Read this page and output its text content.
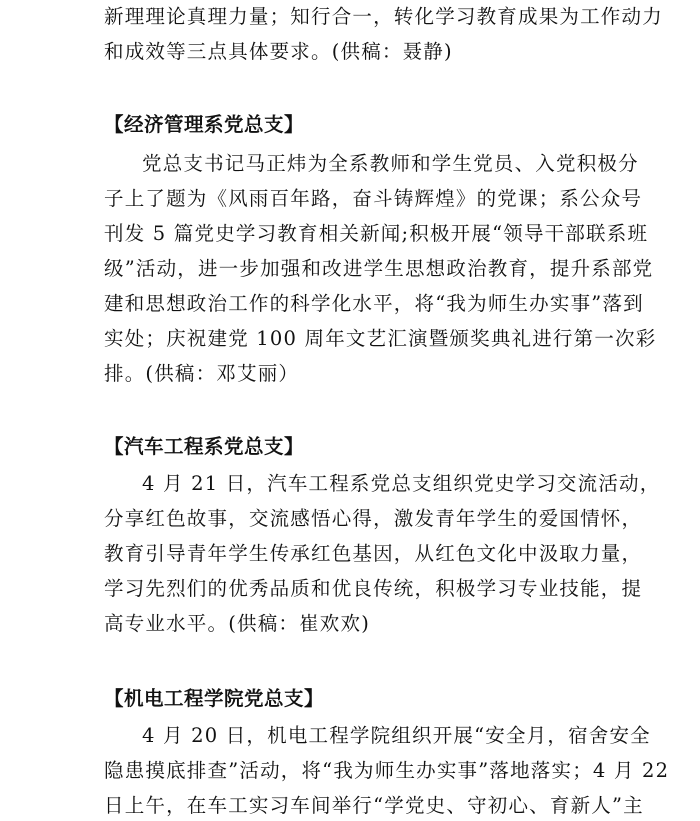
新理理论真理力量；知行合一，转化学习教育成果为工作动力
和成效等三点具体要求。(供稿：聂静)
【经济管理系党总支】
党总支书记马正炜为全系教师和学生党员、入党积极分
子上了题为《风雨百年路，奋斗铸辉煌》的党课；系公众号
刊发 5 篇党史学习教育相关新闻;积极开展“领导干部联系班
级”活动，进一步加强和改进学生思想政治教育，提升系部党
建和思想政治工作的科学化水平，将“我为师生办实事”落到
实处；庆祝建党 100 周年文艺汇演暨颁奖典礼进行第一次彩
排。(供稿：邓艾丽）
【汽车工程系党总支】
4 月 21 日，汽车工程系党总支组织党史学习交流活动，
分享红色故事，交流感悟心得，激发青年学生的爱国情怀，
教育引导青年学生传承红色基因，从红色文化中汲取力量，
学习先烈们的优秀品质和优良传统，积极学习专业技能，提
高专业水平。(供稿：崔欢欢)
【机电工程学院党总支】
4 月 20 日，机电工程学院组织开展“安全月，宿舍安全
隐患摸底排查”活动，将“我为师生办实事”落地落实；4 月 22
日上午，在车工实习车间举行“学党史、守初心、育新人”主
